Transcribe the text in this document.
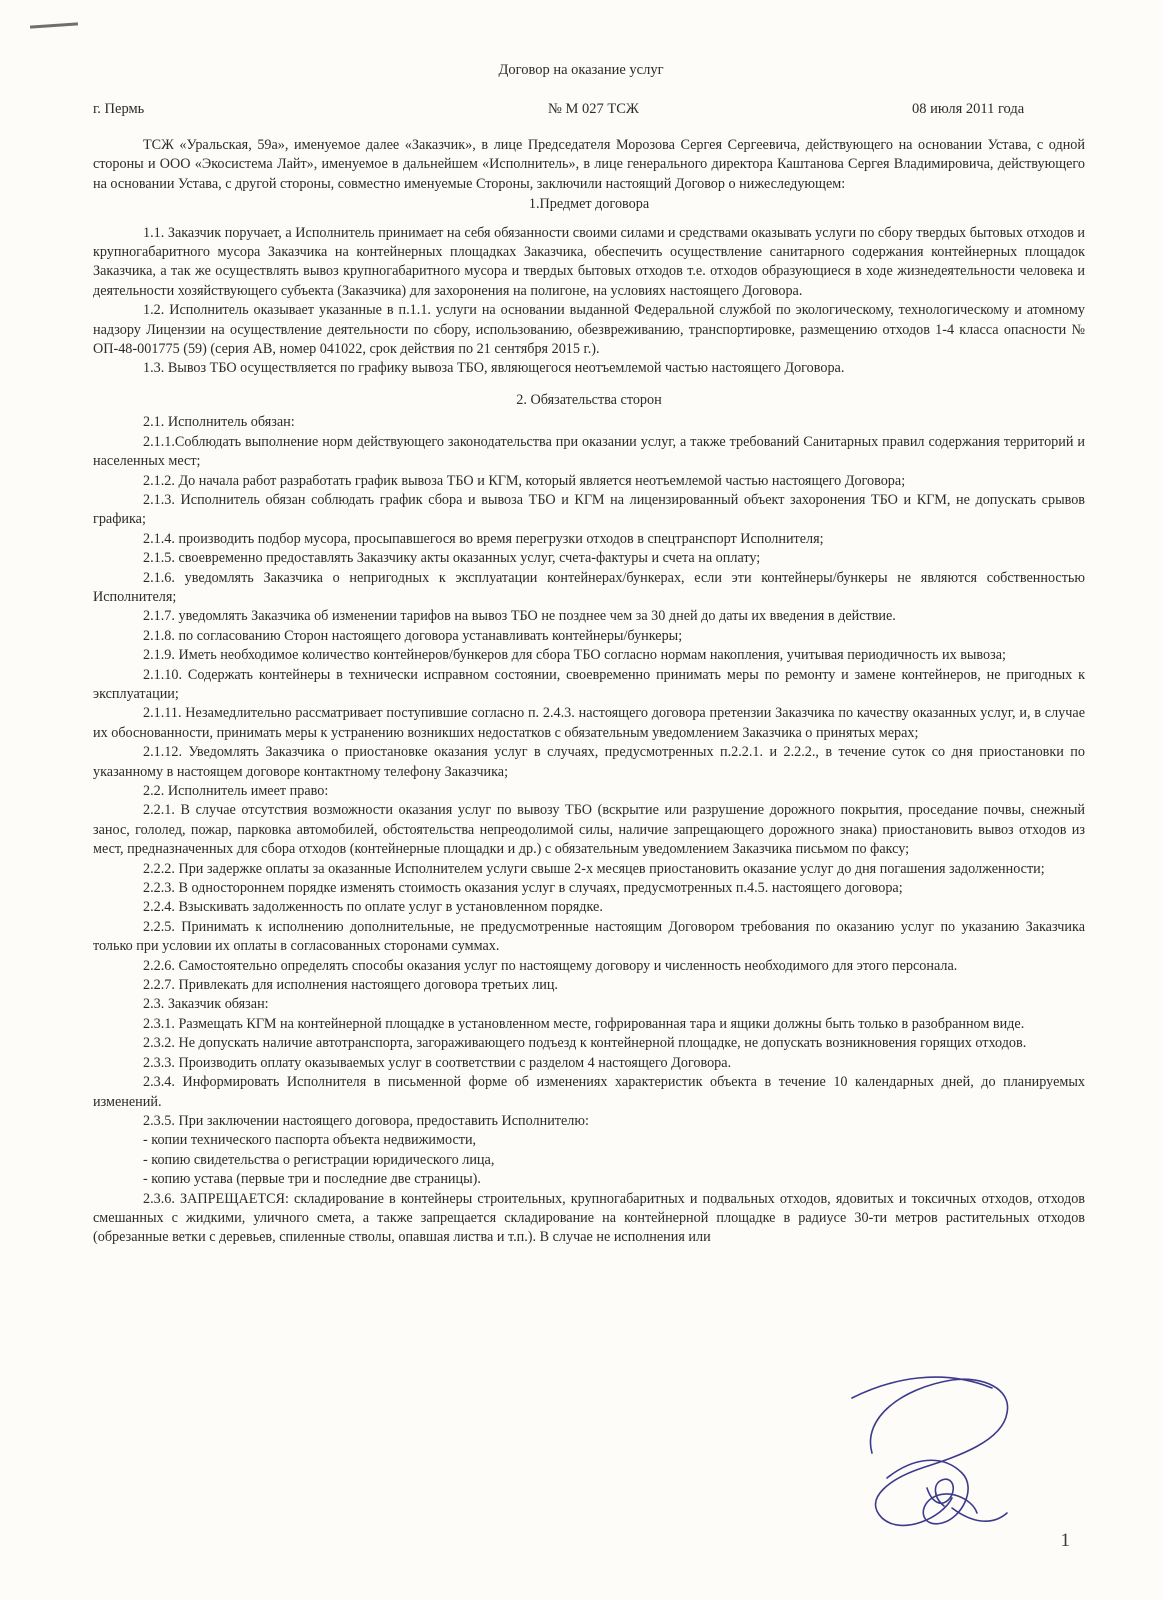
Договор на оказание услуг
г. Пермь	№ М 027 ТСЖ	08 июля 2011 года

ТСЖ «Уральская, 59а», именуемое далее «Заказчик», в лице Председателя Морозова Сергея Сергеевича, действующего на основании Устава, с одной стороны и ООО «Экосистема Лайт», именуемое в дальнейшем «Исполнитель», в лице генерального директора Каштанова Сергея Владимировича, действующего на основании Устава, с другой стороны, совместно именуемые Стороны, заключили настоящий Договор о нижеследующем:

1.Предмет договора

1.1. Заказчик поручает, а Исполнитель принимает на себя обязанности своими силами и средствами оказывать услуги по сбору твердых бытовых отходов и крупногабаритного мусора Заказчика на контейнерных площадках Заказчика, обеспечить осуществление санитарного содержания контейнерных площадок Заказчика, а так же осуществлять вывоз крупногабаритного мусора и твердых бытовых отходов т.е. отходов образующиеся в ходе жизнедеятельности человека и деятельности хозяйствующего субъекта (Заказчика) для захоронения на полигоне, на условиях настоящего Договора.

1.2. Исполнитель оказывает указанные в п.1.1. услуги на основании выданной Федеральной службой по экологическому, технологическому и атомному надзору Лицензии на осуществление деятельности по сбору, использованию, обезвреживанию, транспортировке, размещению отходов 1-4 класса опасности № ОП-48-001775 (59) (серия АВ, номер 041022, срок действия по 21 сентября 2015 г.).

1.3. Вывоз ТБО осуществляется по графику вывоза ТБО, являющегося неотъемлемой частью настоящего Договора.

2. Обязательства сторон

2.1. Исполнитель обязан:

2.1.1.Соблюдать выполнение норм действующего законодательства при оказании услуг, а также требований Санитарных правил содержания территорий и населенных мест;

2.1.2. До начала работ разработать график вывоза ТБО и КГМ, который является неотъемлемой частью настоящего Договора;

2.1.3. Исполнитель обязан соблюдать график сбора и вывоза ТБО и КГМ на лицензированный объект захоронения ТБО и КГМ, не допускать срывов графика;

2.1.4. производить подбор мусора, просыпавшегося во время перегрузки отходов в спецтранспорт Исполнителя;

2.1.5. своевременно предоставлять Заказчику акты оказанных услуг, счета-фактуры и счета на оплату;

2.1.6. уведомлять Заказчика о непригодных к эксплуатации контейнерах/бункерах, если эти контейнеры/бункеры не являются собственностью Исполнителя;

2.1.7. уведомлять Заказчика об изменении тарифов на вывоз ТБО не позднее чем за 30 дней до даты их введения в действие.

2.1.8. по согласованию Сторон настоящего договора устанавливать контейнеры/бункеры;

2.1.9. Иметь необходимое количество контейнеров/бункеров для сбора ТБО согласно нормам накопления, учитывая периодичность их вывоза;

2.1.10. Содержать контейнеры в технически исправном состоянии, своевременно принимать меры по ремонту и замене контейнеров, не пригодных к эксплуатации;

2.1.11. Незамедлительно рассматривает поступившие согласно п. 2.4.3. настоящего договора претензии Заказчика по качеству оказанных услуг, и, в случае их обоснованности, принимать меры к устранению возникших недостатков с обязательным уведомлением Заказчика о принятых мерах;

2.1.12. Уведомлять Заказчика о приостановке оказания услуг в случаях, предусмотренных п.2.2.1. и 2.2.2., в течение суток со дня приостановки по указанному в настоящем договоре контактному телефону Заказчика;

2.2. Исполнитель имеет право:

2.2.1. В случае отсутствия возможности оказания услуг по вывозу ТБО (вскрытие или разрушение дорожного покрытия, проседание почвы, снежный занос, гололед, пожар, парковка автомобилей, обстоятельства непреодолимой силы, наличие запрещающего дорожного знака) приостановить вывоз отходов из мест, предназначенных для сбора отходов (контейнерные площадки и др.) с обязательным уведомлением Заказчика письмом по факсу;

2.2.2. При задержке оплаты за оказанные Исполнителем услуги свыше 2-х месяцев приостановить оказание услуг до дня погашения задолженности;

2.2.3. В одностороннем порядке изменять стоимость оказания услуг в случаях, предусмотренных п.4.5. настоящего договора;

2.2.4. Взыскивать задолженность по оплате услуг в установленном порядке.

2.2.5. Принимать к исполнению дополнительные, не предусмотренные настоящим Договором требования по оказанию услуг по указанию Заказчика только при условии их оплаты в согласованных сторонами суммах.

2.2.6. Самостоятельно определять способы оказания услуг по настоящему договору и численность необходимого для этого персонала.

2.2.7. Привлекать для исполнения настоящего договора третьих лиц.

2.3. Заказчик обязан:

2.3.1. Размещать КГМ на контейнерной площадке в установленном месте, гофрированная тара и ящики должны быть только в разобранном виде.

2.3.2. Не допускать наличие автотранспорта, загораживающего подъезд к контейнерной площадке, не допускать возникновения горящих отходов.

2.3.3. Производить оплату оказываемых услуг в соответствии с разделом 4 настоящего Договора.

2.3.4. Информировать Исполнителя в письменной форме об изменениях характеристик объекта в течение 10 календарных дней, до планируемых изменений.

2.3.5. При заключении настоящего договора, предоставить Исполнителю:

- копии технического паспорта объекта недвижимости,

- копию свидетельства о регистрации юридического лица,

- копию устава (первые три и последние две страницы).

2.3.6. ЗАПРЕЩАЕТСЯ: складирование в контейнеры строительных, крупногабаритных и подвальных отходов, ядовитых и токсичных отходов, отходов смешанных с жидкими, уличного смета, а также запрещается складирование на контейнерной площадке в радиусе 30-ти метров растительных отходов (обрезанные ветки с деревьев, спиленные стволы, опавшая листва и т.п.). В случае не исполнения или

1
